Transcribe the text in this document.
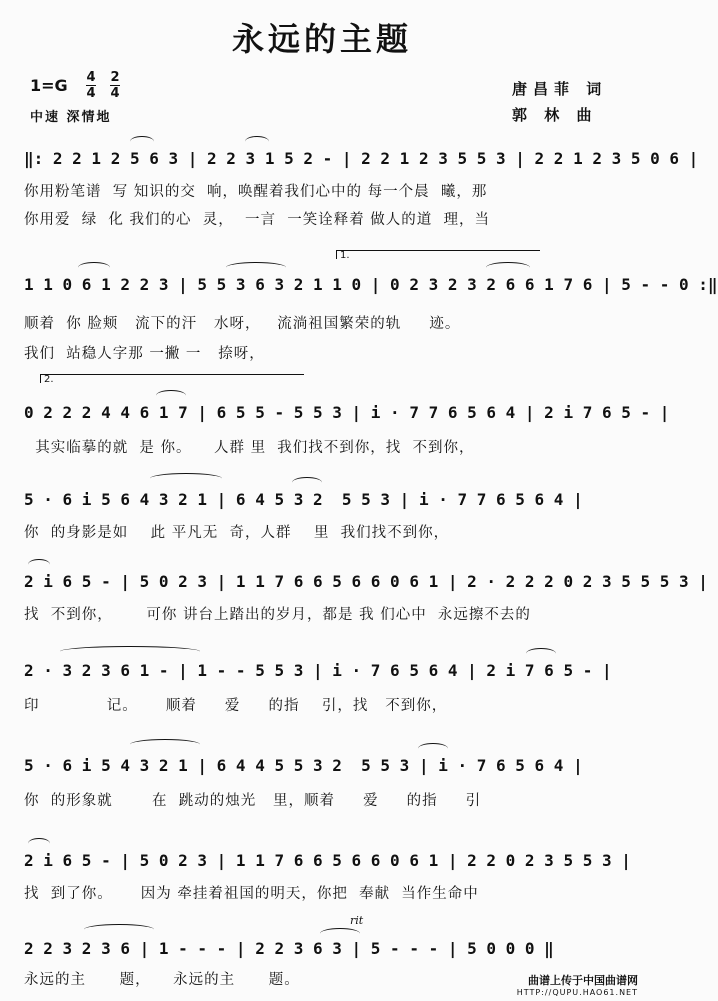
永远的主题
1=G 4
4
2
4
中速 深情地
唐昌菲 词
郭 林 曲
‖: 2 2 1 2 5 6 3 | 2 2 3 1 5 2 - | 2 2 1 2 3 5 5 3 | 2 2 1 2 3 5 0 6 |
你用粉笔谱  写 知识的交  响，唤醒着我们心中的 每一个晨  曦，那
你用爱  绿  化 我们的心  灵，  一言  一笑诠释着 做人的道  理，当
1.
1 1 0 6 1 2 2 3 | 5 5 3 6 3 2 1 1 0 | 0 2 3 2 3 2 6 6 1 7 6 | 5 - - 0 :‖
顺着  你 脸颊   流下的汗   水呀，   流淌祖国繁荣的轨     迹。
我们  站稳人字那 一撇 一   捺呀，
2.
0 2 2 2 4 4 6 1 7 | 6 5 5 - 5 5 3 | i · 7 7 6 5 6 4 | 2 i 7 6 5 - |
其实临摹的就  是 你。    人群 里  我们找不到你，找  不到你，
5 · 6 i 5 6 4 3 2 1 | 6 4 5 3 2  5 5 3 | i · 7 7 6 5 6 4 |
你  的身影是如    此 平凡无  奇，人群    里  我们找不到你，
2 i 6 5 - | 5 0 2 3 | 1 1 7 6 6 5 6 6 0 6 1 | 2 · 2 2 2 0 2 3 5 5 5 3 |
找  不到你，      可你 讲台上踏出的岁月，都是 我 们心中  永远擦不去的
2 · 3 2 3 6 1 - | 1 - - 5 5 3 | i · 7 6 5 6 4 | 2 i 7 6 5 - |
印            记。     顺着     爱     的指    引，找   不到你，
5 · 6 i 5 4 3 2 1 | 6 4 4 5 5 3 2  5 5 3 | i · 7 6 5 6 4 |
你  的形象就       在  跳动的烛光   里，顺着     爱     的指     引
2 i 6 5 - | 5 0 2 3 | 1 1 7 6 6 5 6 6 0 6 1 | 2 2 0 2 3 5 5 3 |
找  到了你。     因为 牵挂着祖国的明天，你把  奉献  当作生命中
rit
2 2 3 2 3 6 | 1 - - - | 2 2 3 6 3 | 5 - - - | 5 0 0 0 ‖
永远的主      题，    永远的主      题。	曲谱上传于中国曲谱网
HTTP://QUPU.HAO61.NET
